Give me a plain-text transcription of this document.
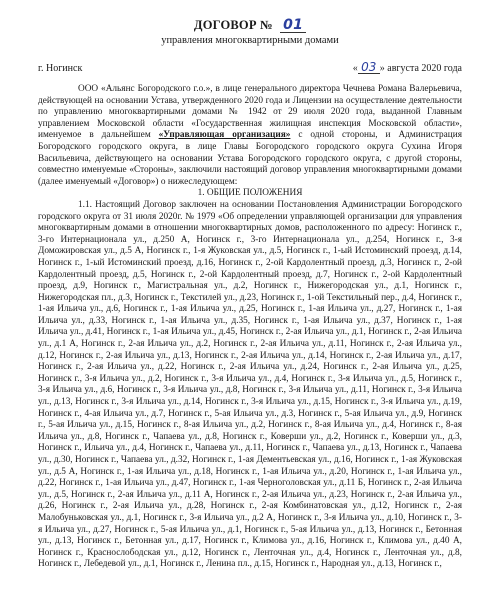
ДОГОВОР № 01
управления многоквартирными домами
г. Ногинск	« 03 » августа 2020 года

ООО «Альянс Богородского г.о.», в лице генерального директора Чечнева Романа Валерьевича, действующей на основании Устава, утвержденного 2020 года и Лицензии на осуществление деятельности по управлению многоквартирными домами № 1942 от 29 июля 2020 года, выданной Главным управлением Московской области «Государственная жилищная инспекция Московской области», именуемое в дальнейшем «Управляющая организация» с одной стороны, и Администрация Богородского городского округа, в лице Главы Богородского городского округа Сухина Игоря Васильевича, действующего на основании Устава Богородского городского округа, с другой стороны, совместно именуемые «Стороны», заключили настоящий договор управления многоквартирными домами (далее именуемый «Договор») о нижеследующем:

1. ОБЩИЕ ПОЛОЖЕНИЯ

1.1. Настоящий Договор заключен на основании Постановления Администрации Богородского городского округа от 31 июля 2020г. № 1979 «Об определении управляющей организации для управления многоквартирным домами в отношении многоквартирных домов, расположенного по адресу: Ногинск г., 3-го Интернационала ул., д.250 А, Ногинск г., 3-го Интернационала ул., д.254, Ногинск г., 3-я Доможировская ул., д.5 А, Ногинск г., 1-я Жуковская ул., д.5, Ногинск г., 1-ый Истоминский проезд, д.14, Ногинск г., 1-ый Истоминский проезд, д.16, Ногинск г., 2-ой Кардолентный проезд, д.3, Ногинск г., 2-ой Кардолентный проезд, д.5, Ногинск г., 2-ой Кардолентный проезд, д.7, Ногинск г., 2-ой Кардолентный проезд, д.9, Ногинск г., Магистральная ул., д.2, Ногинск г., Нижегородская ул., д.1, Ногинск г., Нижегородская пл., д.3, Ногинск г., Текстилей ул., д.23, Ногинск г., 1-ой Текстильный пер., д.4, Ногинск г., 1-ая Ильича ул., д.6, Ногинск г., 1-ая Ильича ул., д.25, Ногинск г., 1-ая Ильича ул., д.27, Ногинск г., 1-ая Ильича ул., д.33, Ногинск г., 1-ая Ильича ул., д.35, Ногинск г., 1-ая Ильича ул., д.37, Ногинск г., 1-ая Ильича ул., д.41, Ногинск г., 1-ая Ильича ул., д.45, Ногинск г., 2-ая Ильича ул., д.1, Ногинск г., 2-ая Ильича ул., д.1 А, Ногинск г., 2-ая Ильича ул., д.2, Ногинск г., 2-ая Ильича ул., д.11, Ногинск г., 2-ая Ильича ул., д.12, Ногинск г., 2-ая Ильича ул., д.13, Ногинск г., 2-ая Ильича ул., д.14, Ногинск г., 2-ая Ильича ул., д.17, Ногинск г., 2-ая Ильича ул., д.22, Ногинск г., 2-ая Ильича ул., д.24, Ногинск г., 2-ая Ильича ул., д.25, Ногинск г., 3-я Ильича ул., д.2, Ногинск г., 3-я Ильича ул., д.4, Ногинск г., 3-я Ильича ул., д.5, Ногинск г., 3-я Ильича ул., д.6, Ногинск г., 3-я Ильича ул., д.8, Ногинск г., 3-я Ильича ул., д.11, Ногинск г., 3-я Ильича ул., д.13, Ногинск г., 3-я Ильича ул., д.14, Ногинск г., 3-я Ильича ул., д.15, Ногинск г., 3-я Ильича ул., д.19, Ногинск г., 4-ая Ильича ул., д.7, Ногинск г., 5-ая Ильича ул., д.3, Ногинск г., 5-ая Ильича ул., д.9, Ногинск г., 5-ая Ильича ул., д.15, Ногинск г., 8-ая Ильича ул., д.2, Ногинск г., 8-ая Ильича ул., д.4, Ногинск г., 8-ая Ильича ул., д.8, Ногинск г., Чапаева ул., д.8, Ногинск г., Коверши ул., д.2, Ногинск г., Коверши ул., д.3, Ногинск г., Ильича ул., д.4, Ногинск г., Чапаева ул., д.11, Ногинск г., Чапаева ул., д.13, Ногинск г., Чапаева ул., д.30, Ногинск г., Чапаева ул., д.32, Ногинск г., 1-ая Дементьевская ул., д.16, Ногинск г., 1-ая Жуковская ул., д.5 А, Ногинск г., 1-ая Ильича ул., д.18, Ногинск г., 1-ая Ильича ул., д.20, Ногинск г., 1-ая Ильича ул., д.22, Ногинск г., 1-ая Ильича ул., д.47, Ногинск г., 1-ая Черноголовская ул., д.11 Б, Ногинск г., 2-ая Ильича ул., д.5, Ногинск г., 2-ая Ильича ул., д.11 А, Ногинск г., 2-ая Ильича ул., д.23, Ногинск г., 2-ая Ильича ул., д.26, Ногинск г., 2-ая Ильича ул., д.28, Ногинск г., 2-ая Комбинатовская ул., д.12, Ногинск г., 2-ая Малобуньковская ул., д.1, Ногинск г., 3-я Ильича ул., д.2 А, Ногинск г., 3-я Ильича ул., д.10, Ногинск г., 3-я Ильича ул., д.27, Ногинск г., 5-ая Ильича ул., д.1, Ногинск г., 5-ая Ильича ул., д.13, Ногинск г., Бетонная ул., д.13, Ногинск г., Бетонная ул., д.17, Ногинск г., Климова ул., д.16, Ногинск г., Климова ул., д.40 А, Ногинск г., Краснослободская ул., д.12, Ногинск г., Ленточная ул., д.4, Ногинск г., Ленточная ул., д.8, Ногинск г., Лебедевой ул., д.1, Ногинск г., Ленина пл., д.15, Ногинск г., Народная ул., д.13, Ногинск г.,
